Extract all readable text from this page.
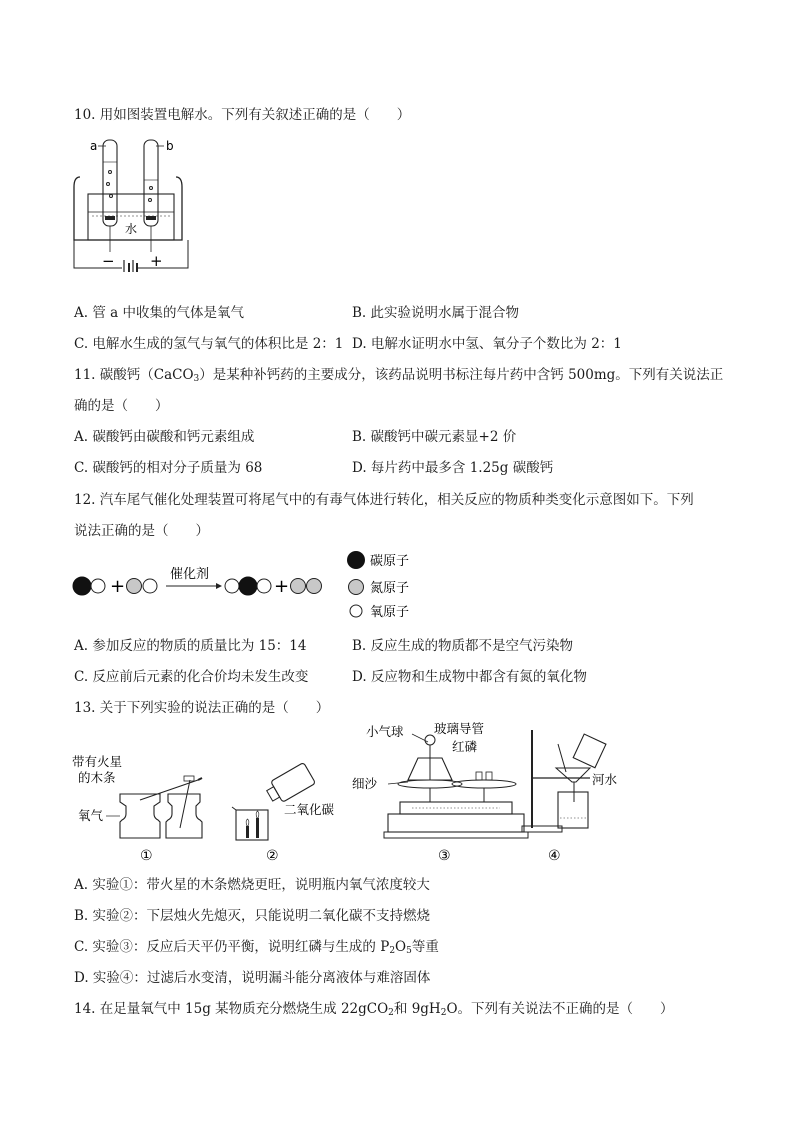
10. 用如图装置电解水。下列有关叙述正确的是（　　）
a	b
水
− +
A. 管 a 中收集的气体是氧气	B. 此实验说明水属于混合物
C. 电解水生成的氢气与氧气的体积比是 2：1 D. 电解水证明水中氢、氧分子个数比为 2：1
11. 碳酸钙（CaCO$_3$）是某种补钙药的主要成分，该药品说明书标注每片药中含钙 500mg。下列有关说法正
确的是（　　）
A. 碳酸钙由碳酸和钙元素组成	B. 碳酸钙中碳元素显+2 价
C. 碳酸钙的相对分子质量为 68	D. 每片药中最多含 1.25g 碳酸钙
12. 汽车尾气催化处理装置可将尾气中的有毒气体进行转化，相关反应的物质种类变化示意图如下。下列
说法正确的是（　　）
+
催化剂
+
碳原子
氮原子
氧原子
A. 参加反应的物质的质量比为 15：14	B. 反应生成的物质都不是空气污染物
C. 反应前后元素的化合价均未发生改变	D. 反应物和生成物中都含有氮的氧化物
13. 关于下列实验的说法正确的是（　　）
带有火星
的木条
氧气
①
二氧化碳
②
小气球 玻璃导管
红磷
细沙
③
河水
④
A. 实验①：带火星的木条燃烧更旺，说明瓶内氧气浓度较大
B. 实验②：下层烛火先熄灭，只能说明二氧化碳不支持燃烧
C. 实验③：反应后天平仍平衡，说明红磷与生成的 $P_2O_5$等重
D. 实验④：过滤后水变清，说明漏斗能分离液体与难溶固体
14. 在足量氧气中 15g 某物质充分燃烧生成 22gCO$_2$和 $9gH_2O$。下列有关说法不正确的是（　　）
